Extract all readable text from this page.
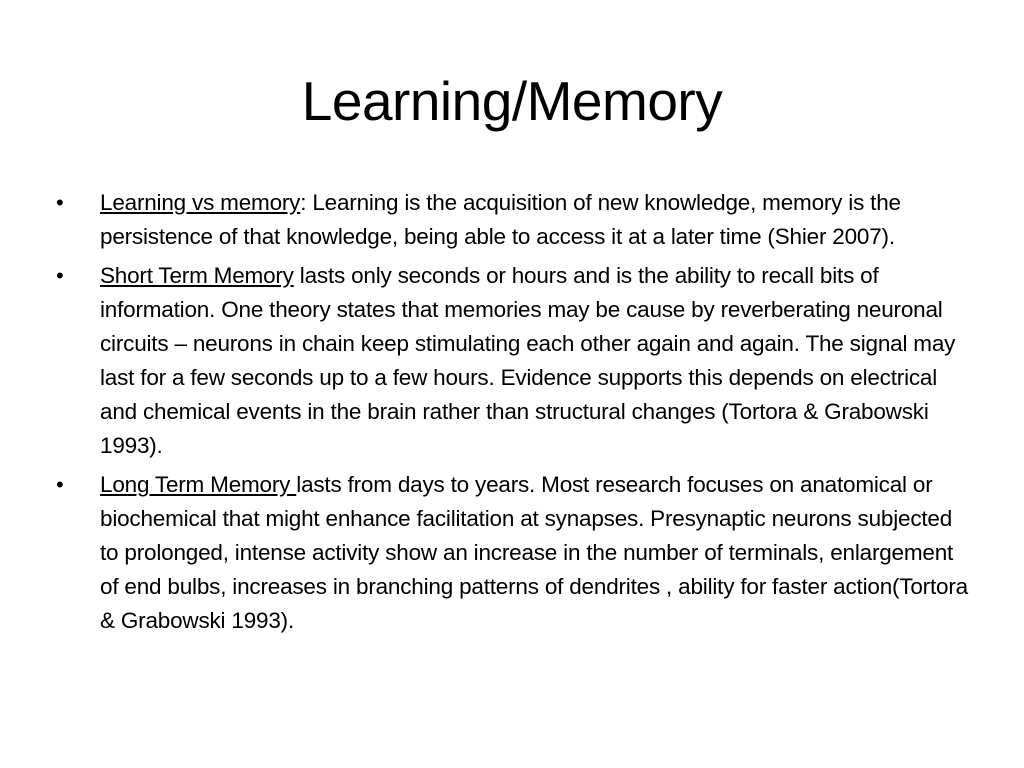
Learning/Memory
•	Learning vs memory: Learning is the acquisition of new knowledge, memory is the persistence of that knowledge, being able to access it at a later time (Shier 2007).
•	Short Term Memory lasts only seconds or hours and is the ability to recall bits of information. One theory states that memories may be cause by reverberating neuronal circuits – neurons in chain keep stimulating each other again and again. The signal may last for a few seconds up to a few hours. Evidence supports this depends on electrical and chemical events in the brain rather than structural changes (Tortora & Grabowski 1993).
•	Long Term Memory lasts from days to years. Most research focuses on anatomical or biochemical that might enhance facilitation at synapses. Presynaptic neurons subjected to prolonged, intense activity show an increase in the number of terminals, enlargement of end bulbs, increases in branching patterns of dendrites , ability for faster action(Tortora & Grabowski 1993).
